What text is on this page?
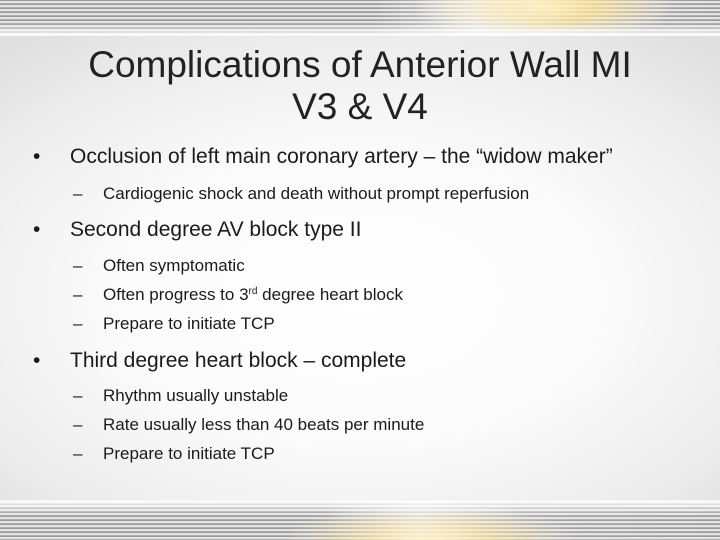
Complications of Anterior Wall MI
V3 & V4
• Occlusion of left main coronary artery – the “widow maker”
– Cardiogenic shock and death without prompt reperfusion
• Second degree AV block type II
– Often symptomatic
– Often progress to 3rd degree heart block
– Prepare to initiate TCP
• Third degree heart block – complete
– Rhythm usually unstable
– Rate usually less than 40 beats per minute
– Prepare to initiate TCP
